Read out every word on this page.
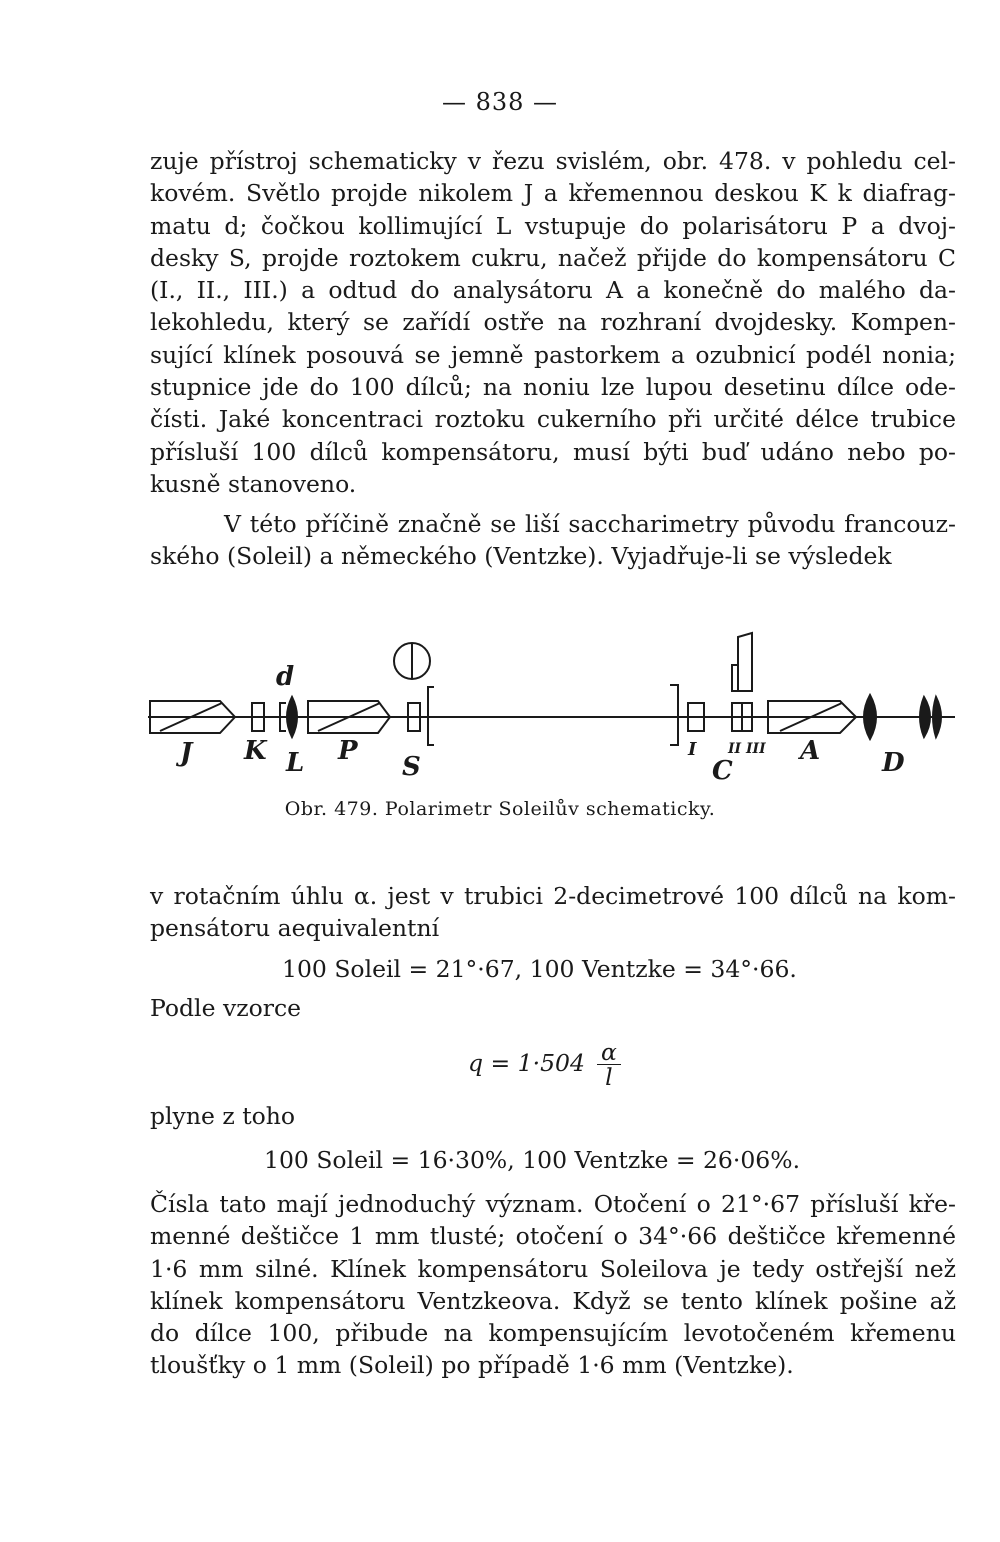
— 838 —
zuje přístroj schematicky v řezu svislém, obr. 478. v pohledu cel-
kovém. Světlo projde nikolem J a křemennou deskou K k diafrag-
matu d; čočkou kollimující L vstupuje do polarisátoru P a dvoj-
desky S, projde roztokem cukru, načež přijde do kompensátoru C
(I., II., III.) a odtud do analysátoru A a konečně do malého da-
lekohledu, který se zařídí ostře na rozhraní dvojdesky. Kompen-
sující klínek posouvá se jemně pastorkem a ozubnicí podél nonia;
stupnice jde do 100 dílců; na noniu lze lupou desetinu dílce ode-
čísti. Jaké koncentraci roztoku cukerního při určité délce trubice
přísluší 100 dílců kompensátoru, musí býti buď udáno nebo po-
kusně stanoveno.
V této příčině značně se liší saccharimetry původu francouz-
ského (Soleil) a německého (Ventzke). Vyjadřuje-li se výsledek
J K
d
L P
S
I II III
C
A D
Obr. 479. Polarimetr Soleilův schematicky.
v rotačním úhlu α. jest v trubici 2-decimetrové 100 dílců na kom-
pensátoru aequivalentní
100 Soleil = 21°·67, 100 Ventzke = 34°·66.
Podle vzorce
$q = 1\cdot 504 \frac{\alpha}{l}$
plyne z toho
100 Soleil = 16·30%, 100 Ventzke = 26·06%.
Čísla tato mají jednoduchý význam. Otočení o 21°·67 přísluší kře-
menné deštičce 1 mm tlusté; otočení o 34°·66 deštičce křemenné
1·6 mm silné. Klínek kompensátoru Soleilova je tedy ostřejší než
klínek kompensátoru Ventzkeova. Když se tento klínek pošine až
do dílce 100, přibude na kompensujícím levotočeném křemenu
tloušťky o 1 mm (Soleil) po případě 1·6 mm (Ventzke).
